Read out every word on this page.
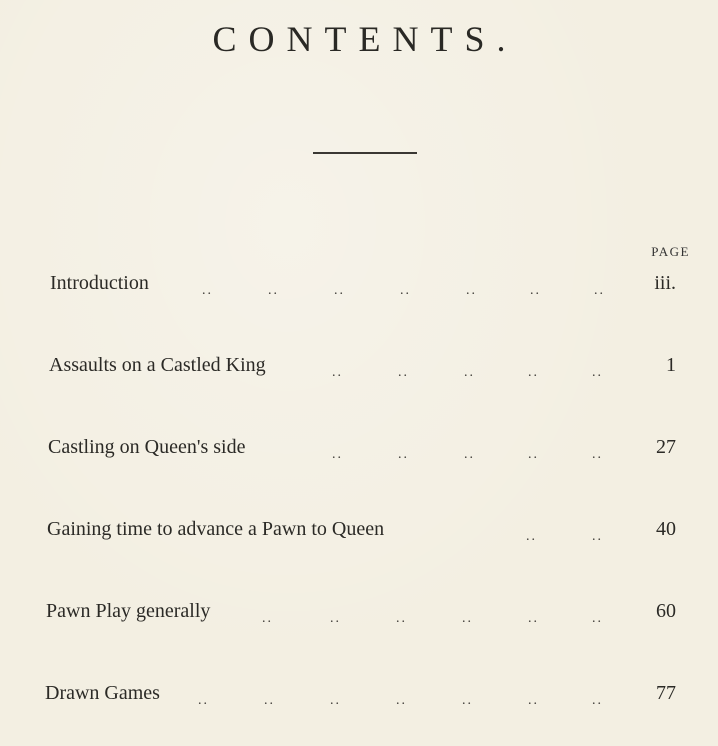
CONTENTS.
PAGE
Introduction	..	..	..	..	..	..	.. iii.
Assaults on a Castled King	..	..	..	..	..	1
Castling on Queen's side	..	..	..	..	..	27
Gaining time to advance a Pawn to Queen	..	..	40
Pawn Play generally	..	..	..	..	..	..	60
Drawn Games	..	..	..	..	..	..	..	77
